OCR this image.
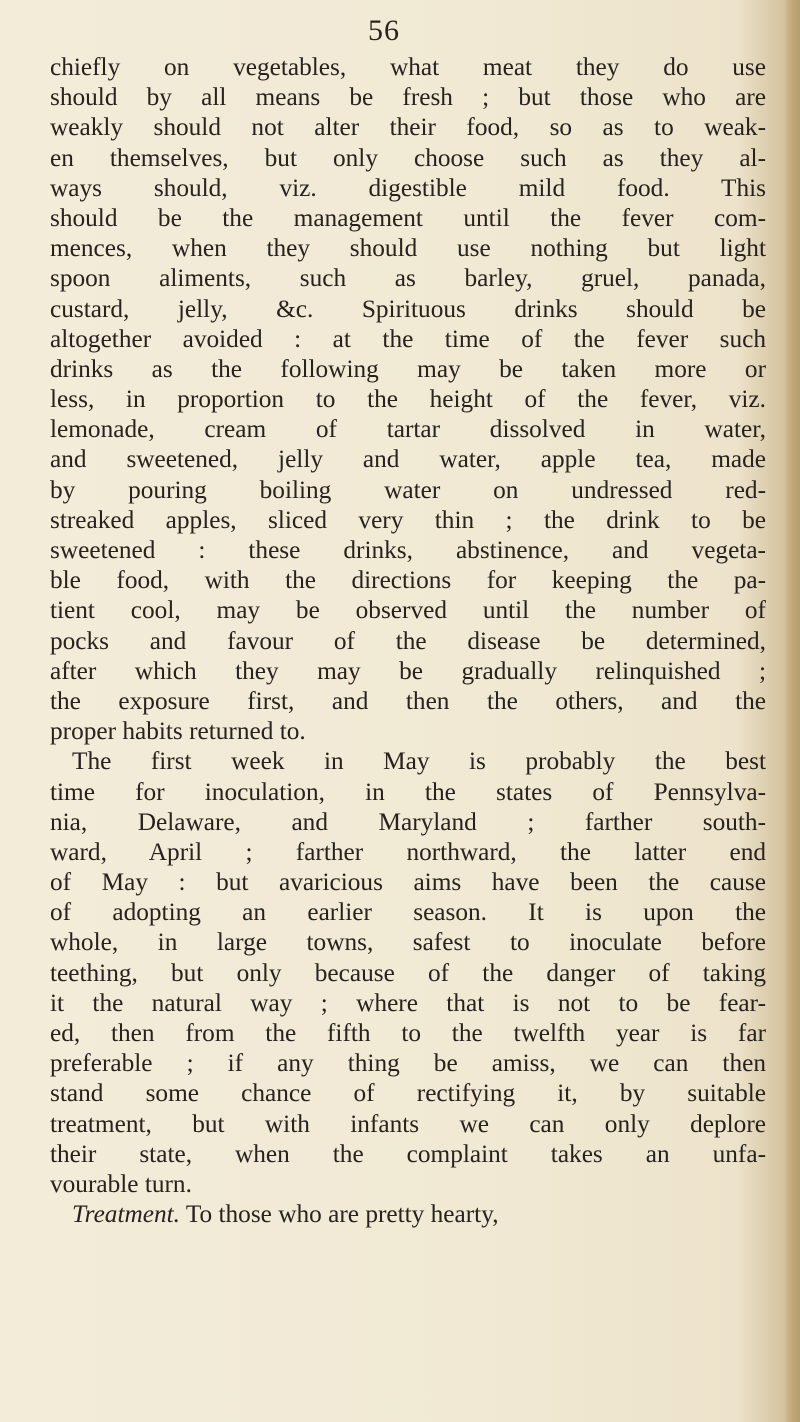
56
chiefly on vegetables, what meat they do use
should by all means be fresh ; but those who are
weakly should not alter their food, so as to weak-
en themselves, but only choose such as they al-
ways should, viz. digestible mild food. This
should be the management until the fever com-
mences, when they should use nothing but light
spoon aliments, such as barley, gruel, panada,
custard, jelly, &c. Spirituous drinks should be
altogether avoided : at the time of the fever such
drinks as the following may be taken more or
less, in proportion to the height of the fever, viz.
lemonade, cream of tartar dissolved in water,
and sweetened, jelly and water, apple tea, made
by pouring boiling water on undressed red-
streaked apples, sliced very thin ; the drink to be
sweetened : these drinks, abstinence, and vegeta-
ble food, with the directions for keeping the pa-
tient cool, may be observed until the number of
pocks and favour of the disease be determined,
after which they may be gradually relinquished ;
the exposure first, and then the others, and the
proper habits returned to.
The first week in May is probably the best
time for inoculation, in the states of Pennsylva-
nia, Delaware, and Maryland ; farther south-
ward, April ; farther northward, the latter end
of May : but avaricious aims have been the cause
of adopting an earlier season. It is upon the
whole, in large towns, safest to inoculate before
teething, but only because of the danger of taking
it the natural way ; where that is not to be fear-
ed, then from the fifth to the twelfth year is far
preferable ; if any thing be amiss, we can then
stand some chance of rectifying it, by suitable
treatment, but with infants we can only deplore
their state, when the complaint takes an unfa-
vourable turn.
Treatment. To those who are pretty hearty,
